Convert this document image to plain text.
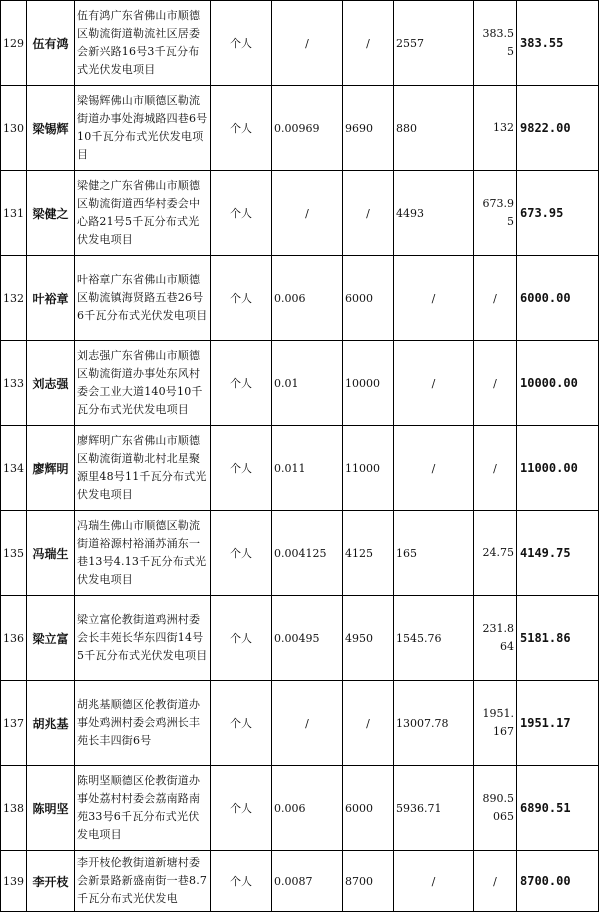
129	伍有鸿	伍有鸿广东省佛山市顺德区勒流街道勒流社区居委会新兴路16号3千瓦分布式光伏发电项目	个人	/	/	2557	383.55	383.55
130	梁锡辉	梁锡辉佛山市顺德区勒流街道办事处海城路四巷6号10千瓦分布式光伏发电项目	个人	0.00969	9690	880	132	9822.00
131	梁健之	梁健之广东省佛山市顺德区勒流街道西华村委会中心路21号5千瓦分布式光伏发电项目	个人	/	/	4493	673.95	673.95
132	叶裕章	叶裕章广东省佛山市顺德区勒流镇海贤路五巷26号6千瓦分布式光伏发电项目	个人	0.006	6000	/	/	6000.00
133	刘志强	刘志强广东省佛山市顺德区勒流街道办事处东风村委会工业大道140号10千瓦分布式光伏发电项目	个人	0.01	10000	/	/	10000.00
134	廖辉明	廖辉明广东省佛山市顺德区勒流街道勒北村北星聚源里48号11千瓦分布式光伏发电项目	个人	0.011	11000	/	/	11000.00
135	冯瑞生	冯瑞生佛山市顺德区勒流街道裕源村裕涌苏涌东一巷13号4.13千瓦分布式光伏发电项目	个人	0.004125	4125	165	24.75	4149.75
136	梁立富	梁立富伦教街道鸡洲村委会长丰苑长华东四街14号5千瓦分布式光伏发电项目	个人	0.00495	4950	1545.76	231.864	5181.86
137	胡兆基	胡兆基顺德区伦教街道办事处鸡洲村委会鸡洲长丰苑长丰四街6号	个人	/	/	13007.78	1951.167	1951.17
138	陈明坚	陈明坚顺德区伦教街道办事处荔村村委会荔南路南苑33号6千瓦分布式光伏发电项目	个人	0.006	6000	5936.71	890.5065	6890.51
139	李开枝	李开枝伦教街道新塘村委会新景路新盛南街一巷8.7千瓦分布式光伏发电	个人	0.0087	8700	/	/	8700.00
